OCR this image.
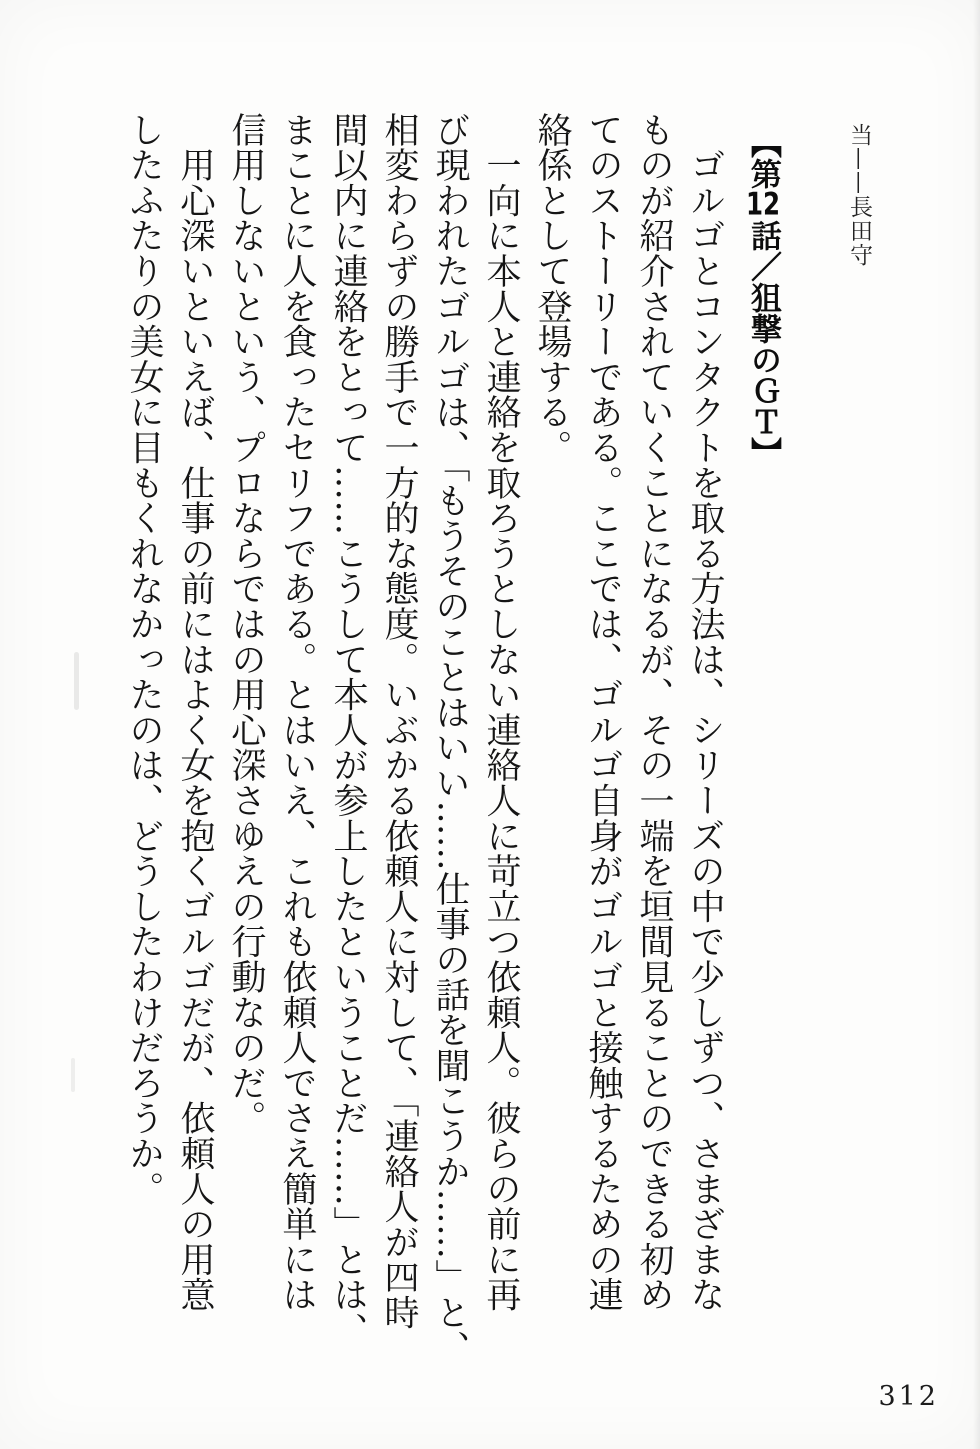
当——長田守
【第12話／狙撃のＧＴ】
　ゴルゴとコンタクトを取る方法は、シリーズの中で少しずつ、さまざまな
ものが紹介されていくことになるが、その一端を垣間見ることのできる初め
てのストーリーである。ここでは、ゴルゴ自身がゴルゴと接触するための連
絡係として登場する。
　一向に本人と連絡を取ろうとしない連絡人に苛立つ依頼人。彼らの前に再
び現われたゴルゴは、「もうそのことはいい……仕事の話を聞こうか……」と、
相変わらずの勝手で一方的な態度。いぶかる依頼人に対して、「連絡人が四時
間以内に連絡をとって……こうして本人が参上したということだ……」とは、
まことに人を食ったセリフである。とはいえ、これも依頼人でさえ簡単には
信用しないという、プロならではの用心深さゆえの行動なのだ。
　用心深いといえば、仕事の前にはよく女を抱くゴルゴだが、依頼人の用意
したふたりの美女に目もくれなかったのは、どうしたわけだろうか。
312
